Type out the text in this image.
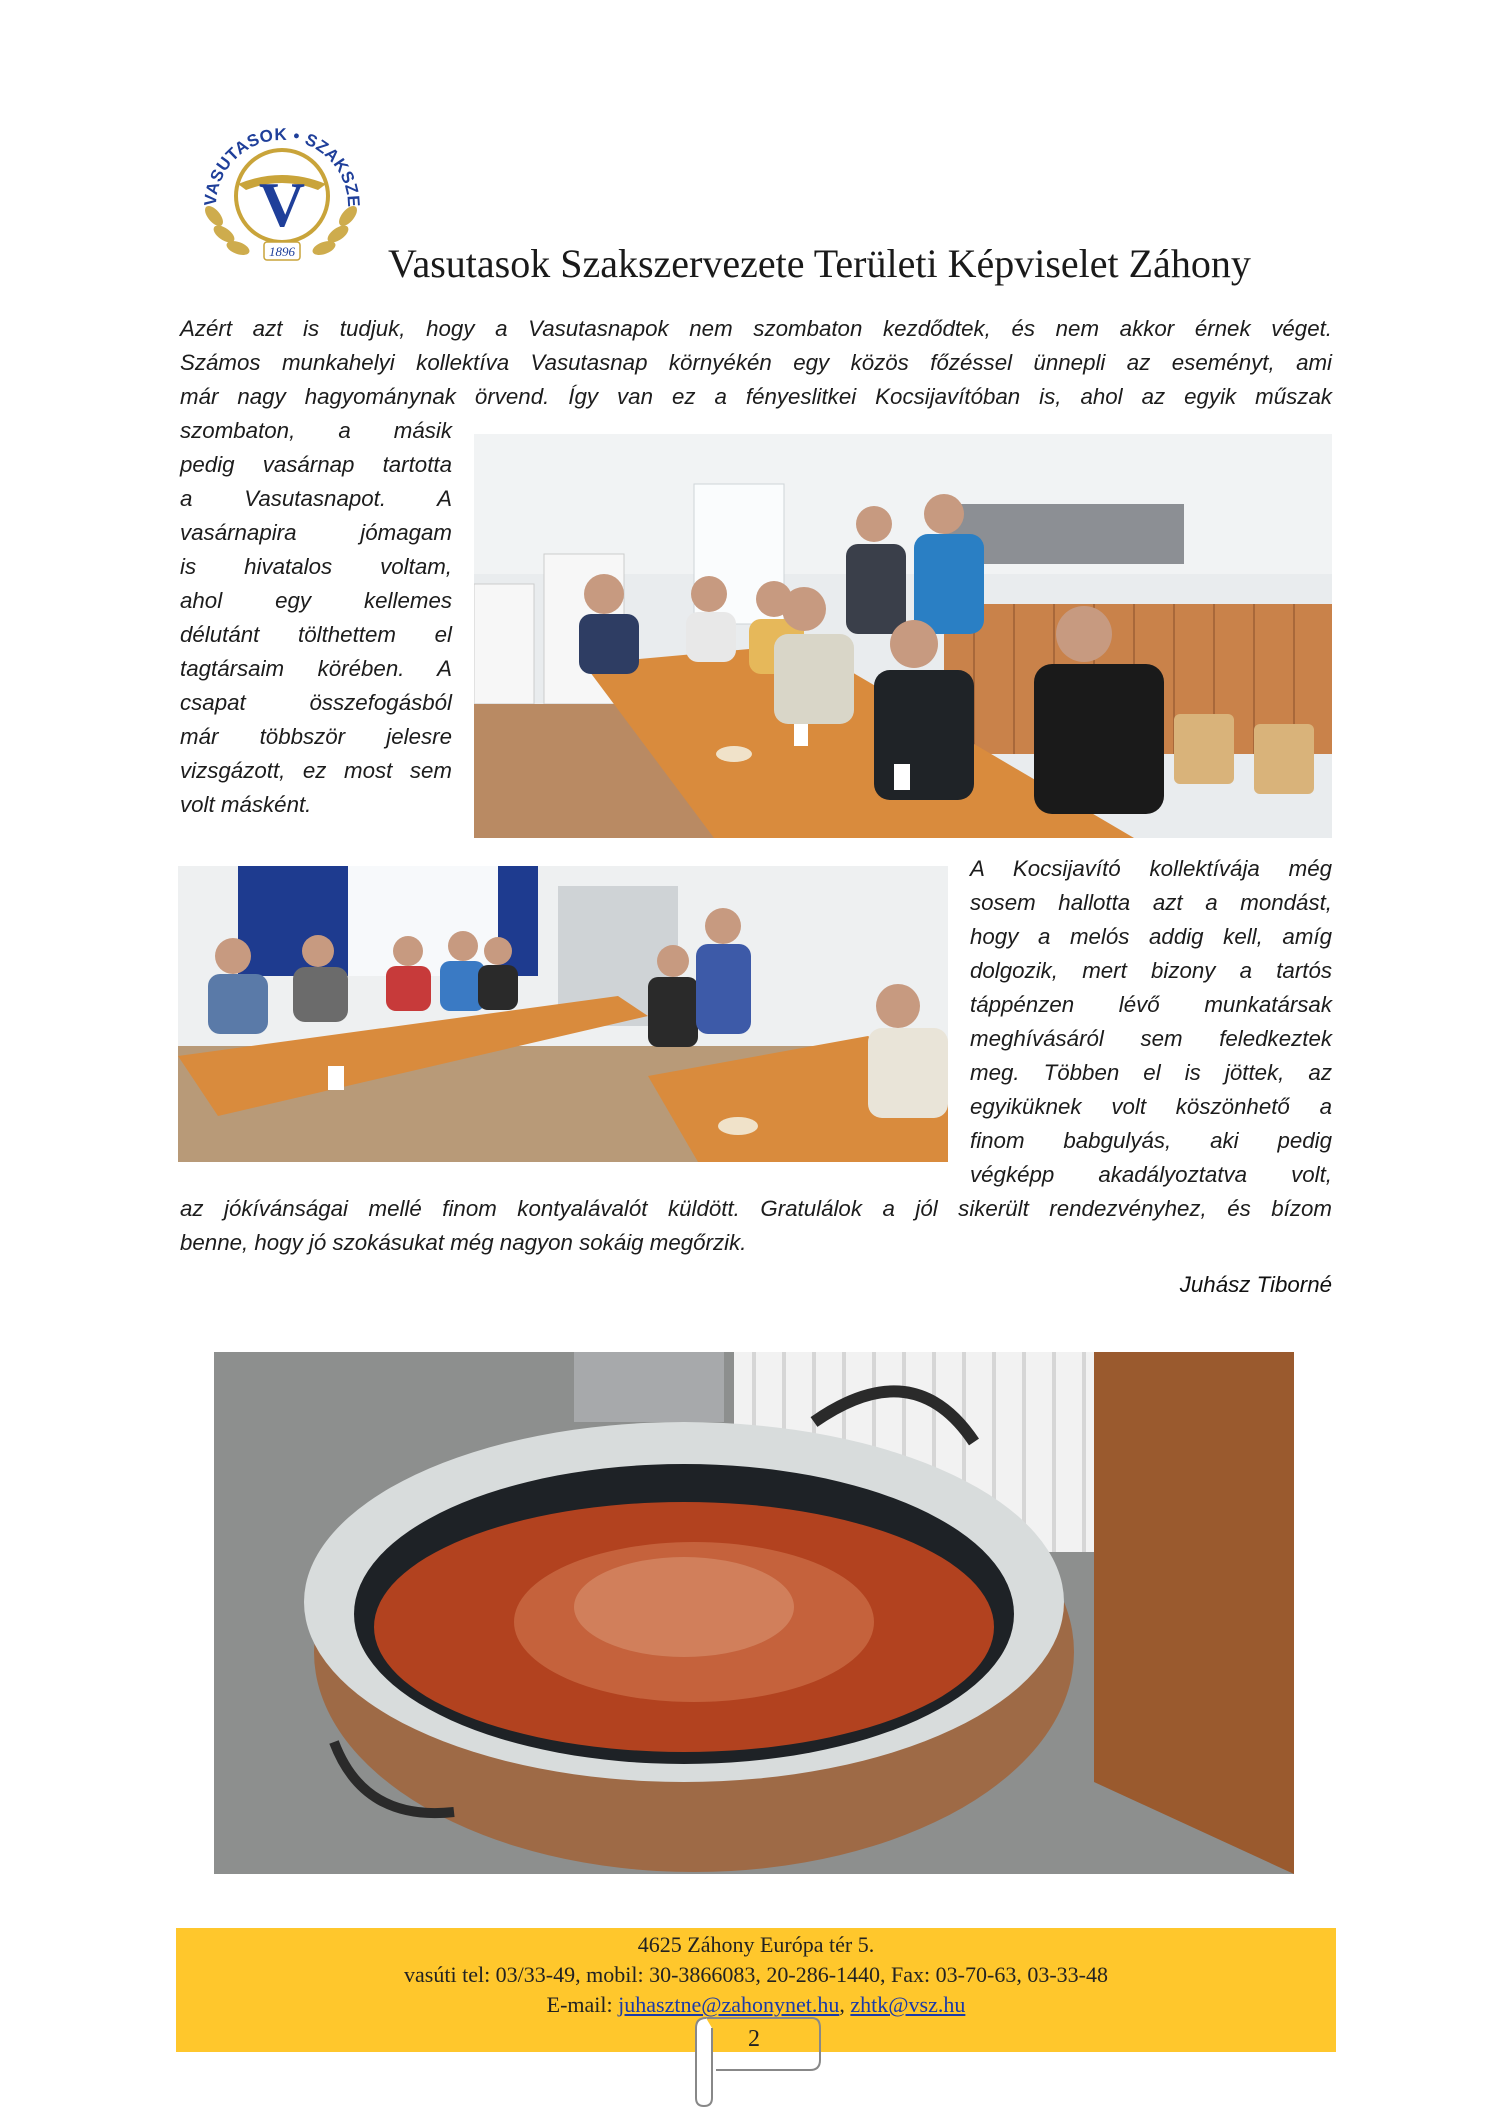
VASUTASOK • SZAKSZE
V
1896 Vasutasok Szakszervezete Területi Képviselet Záhony
Azért azt is tudjuk, hogy a Vasutasnapok nem szombaton kezdődtek, és nem akkor érnek véget.
Számos munkahelyi kollektíva Vasutasnap környékén egy közös főzéssel ünnepli az eseményt, ami
már nagy hagyománynak örvend. Így van ez a fényeslitkei Kocsijavítóban is, ahol az egyik műszak
szombaton, a másik
pedig vasárnap tartotta
a Vasutasnapot. A
vasárnapira jómagam
is hivatalos voltam,
ahol egy kellemes
délutánt tölthettem el
tagtársaim körében. A
csapat összefogásból
már többször jelesre
vizsgázott, ez most sem
volt másként.
A Kocsijavító kollektívája még
sosem hallotta azt a mondást,
hogy a melós addig kell, amíg
dolgozik, mert bizony a tartós
táppénzen lévő munkatársak
meghívásáról sem feledkeztek
meg. Többen el is jöttek, az
egyiküknek volt köszönhető a
finom babgulyás, aki pedig
végképp akadályoztatva volt,
az jókívánságai mellé finom kontyalávalót küldött. Gratulálok a jól sikerült rendezvényhez, és bízom
benne, hogy jó szokásukat még nagyon sokáig megőrzik.
Juhász Tiborné
4625 Záhony Európa tér 5.
vasúti tel: 03/33-49, mobil: 30-3866083, 20-286-1440, Fax: 03-70-63, 03-33-48
E-mail: juhasztne@zahonynet.hu, zhtk@vsz.hu
2
